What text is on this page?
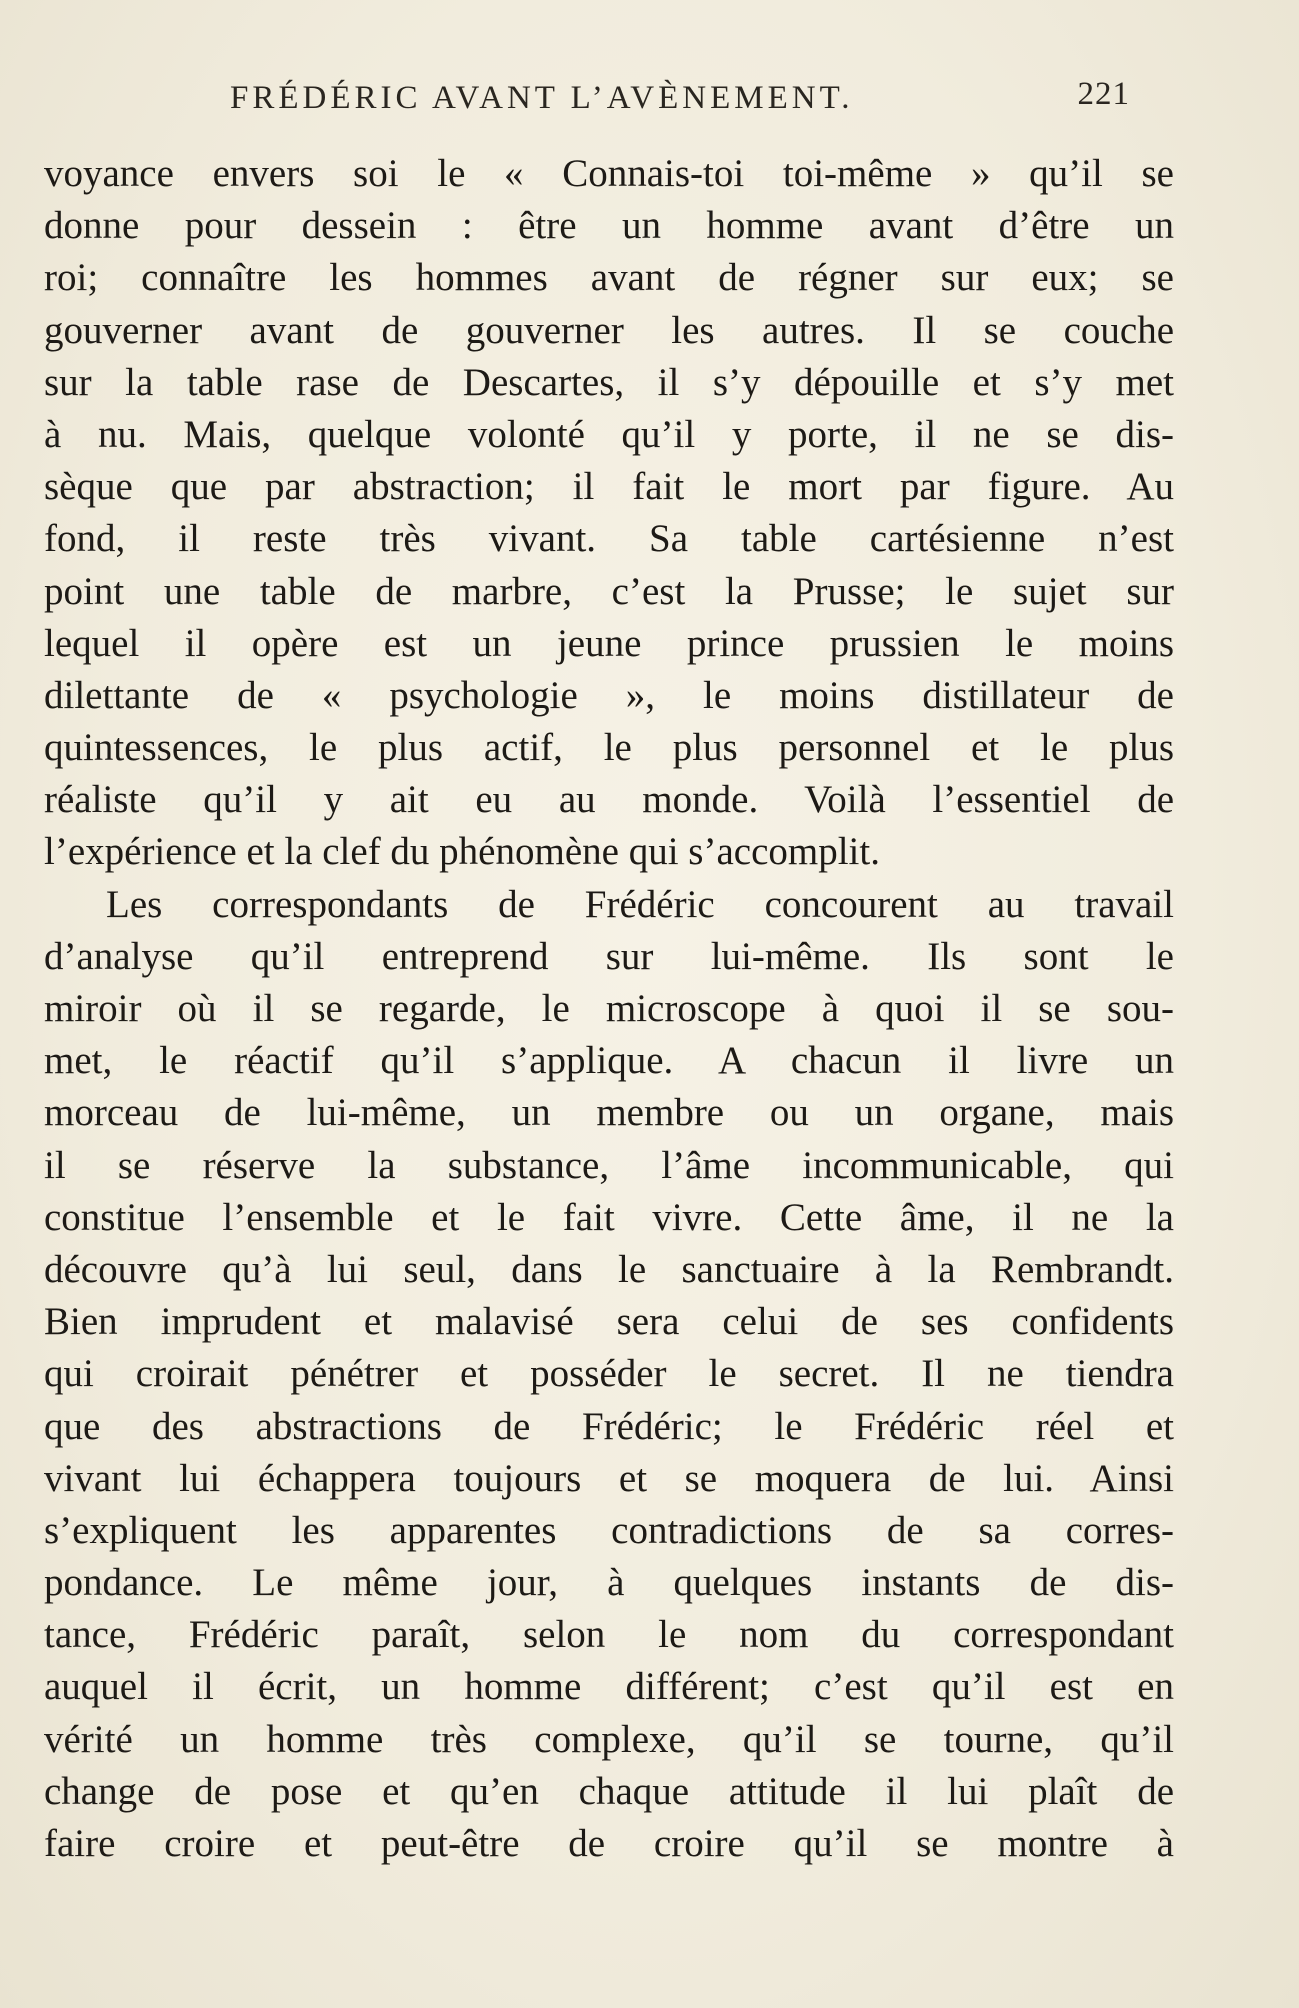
FRÉDÉRIC AVANT L’AVÈNEMENT.	221
voyance envers soi le « Connais-toi toi-même » qu’il se
donne pour dessein : être un homme avant d’être un
roi; connaître les hommes avant de régner sur eux; se
gouverner avant de gouverner les autres. Il se couche
sur la table rase de Descartes, il s’y dépouille et s’y met
à nu. Mais, quelque volonté qu’il y porte, il ne se dis-
sèque que par abstraction; il fait le mort par figure. Au
fond, il reste très vivant. Sa table cartésienne n’est
point une table de marbre, c’est la Prusse; le sujet sur
lequel il opère est un jeune prince prussien le moins
dilettante de « psychologie », le moins distillateur de
quintessences, le plus actif, le plus personnel et le plus
réaliste qu’il y ait eu au monde. Voilà l’essentiel de
l’expérience et la clef du phénomène qui s’accomplit.
Les correspondants de Frédéric concourent au travail
d’analyse qu’il entreprend sur lui-même. Ils sont le
miroir où il se regarde, le microscope à quoi il se sou-
met, le réactif qu’il s’applique. A chacun il livre un
morceau de lui-même, un membre ou un organe, mais
il se réserve la substance, l’âme incommunicable, qui
constitue l’ensemble et le fait vivre. Cette âme, il ne la
découvre qu’à lui seul, dans le sanctuaire à la Rembrandt.
Bien imprudent et malavisé sera celui de ses confidents
qui croirait pénétrer et posséder le secret. Il ne tiendra
que des abstractions de Frédéric; le Frédéric réel et
vivant lui échappera toujours et se moquera de lui. Ainsi
s’expliquent les apparentes contradictions de sa corres-
pondance. Le même jour, à quelques instants de dis-
tance, Frédéric paraît, selon le nom du correspondant
auquel il écrit, un homme différent; c’est qu’il est en
vérité un homme très complexe, qu’il se tourne, qu’il
change de pose et qu’en chaque attitude il lui plaît de
faire croire et peut-être de croire qu’il se montre à
